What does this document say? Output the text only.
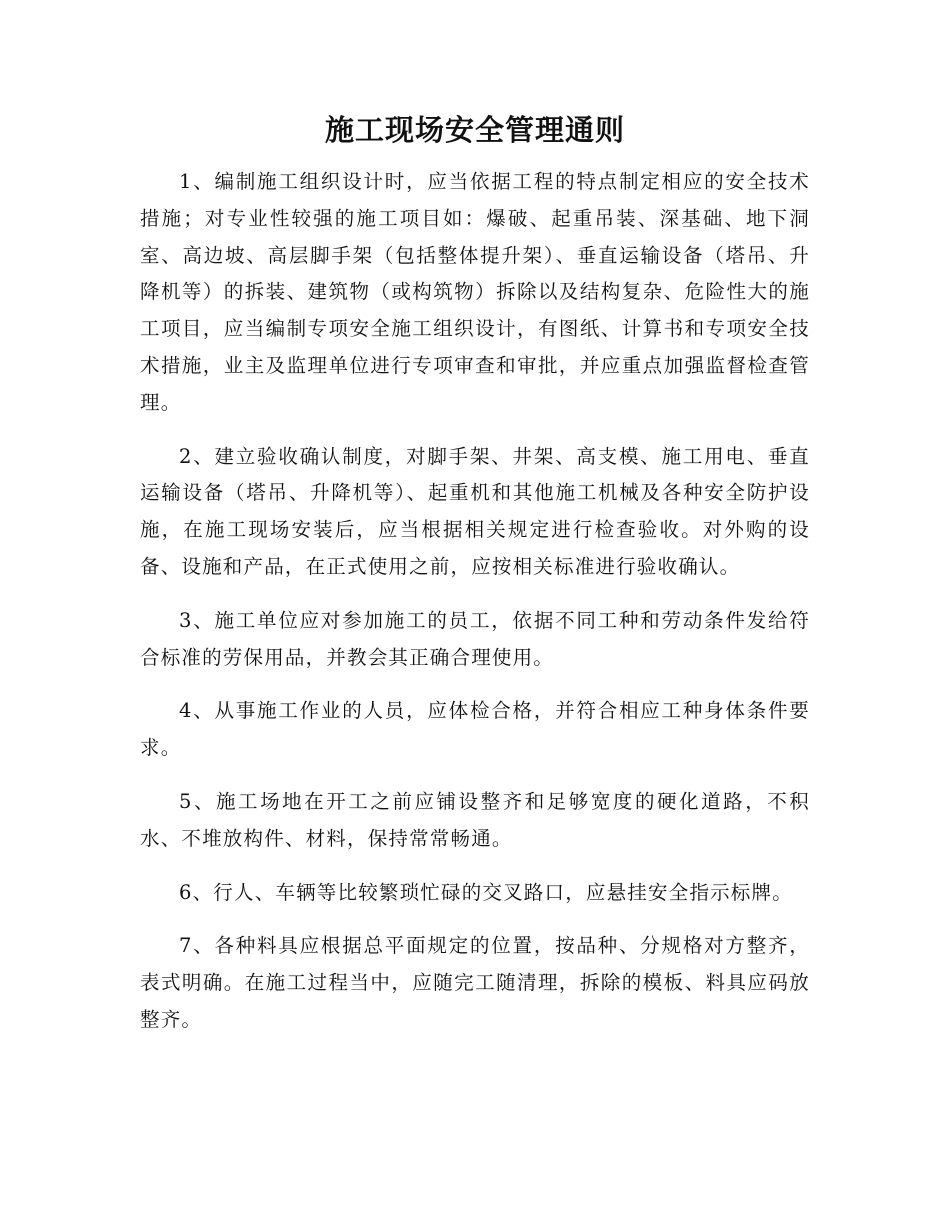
施工现场安全管理通则

1、编制施工组织设计时，应当依据工程的特点制定相应的安全技术措施；对专业性较强的施工项目如：爆破、起重吊装、深基础、地下洞室、高边坡、高层脚手架（包括整体提升架）、垂直运输设备（塔吊、升降机等）的拆装、建筑物（或构筑物）拆除以及结构复杂、危险性大的施工项目，应当编制专项安全施工组织设计，有图纸、计算书和专项安全技术措施，业主及监理单位进行专项审查和审批，并应重点加强监督检查管理。

2、建立验收确认制度，对脚手架、井架、高支模、施工用电、垂直运输设备（塔吊、升降机等）、起重机和其他施工机械及各种安全防护设施，在施工现场安装后，应当根据相关规定进行检查验收。对外购的设备、设施和产品，在正式使用之前，应按相关标准进行验收确认。

3、施工单位应对参加施工的员工，依据不同工种和劳动条件发给符合标准的劳保用品，并教会其正确合理使用。

4、从事施工作业的人员，应体检合格，并符合相应工种身体条件要求。

5、施工场地在开工之前应铺设整齐和足够宽度的硬化道路，不积水、不堆放构件、材料，保持常常畅通。

6、行人、车辆等比较繁琐忙碌的交叉路口，应悬挂安全指示标牌。

7、各种料具应根据总平面规定的位置，按品种、分规格对方整齐，表式明确。在施工过程当中，应随完工随清理，拆除的模板、料具应码放整齐。
